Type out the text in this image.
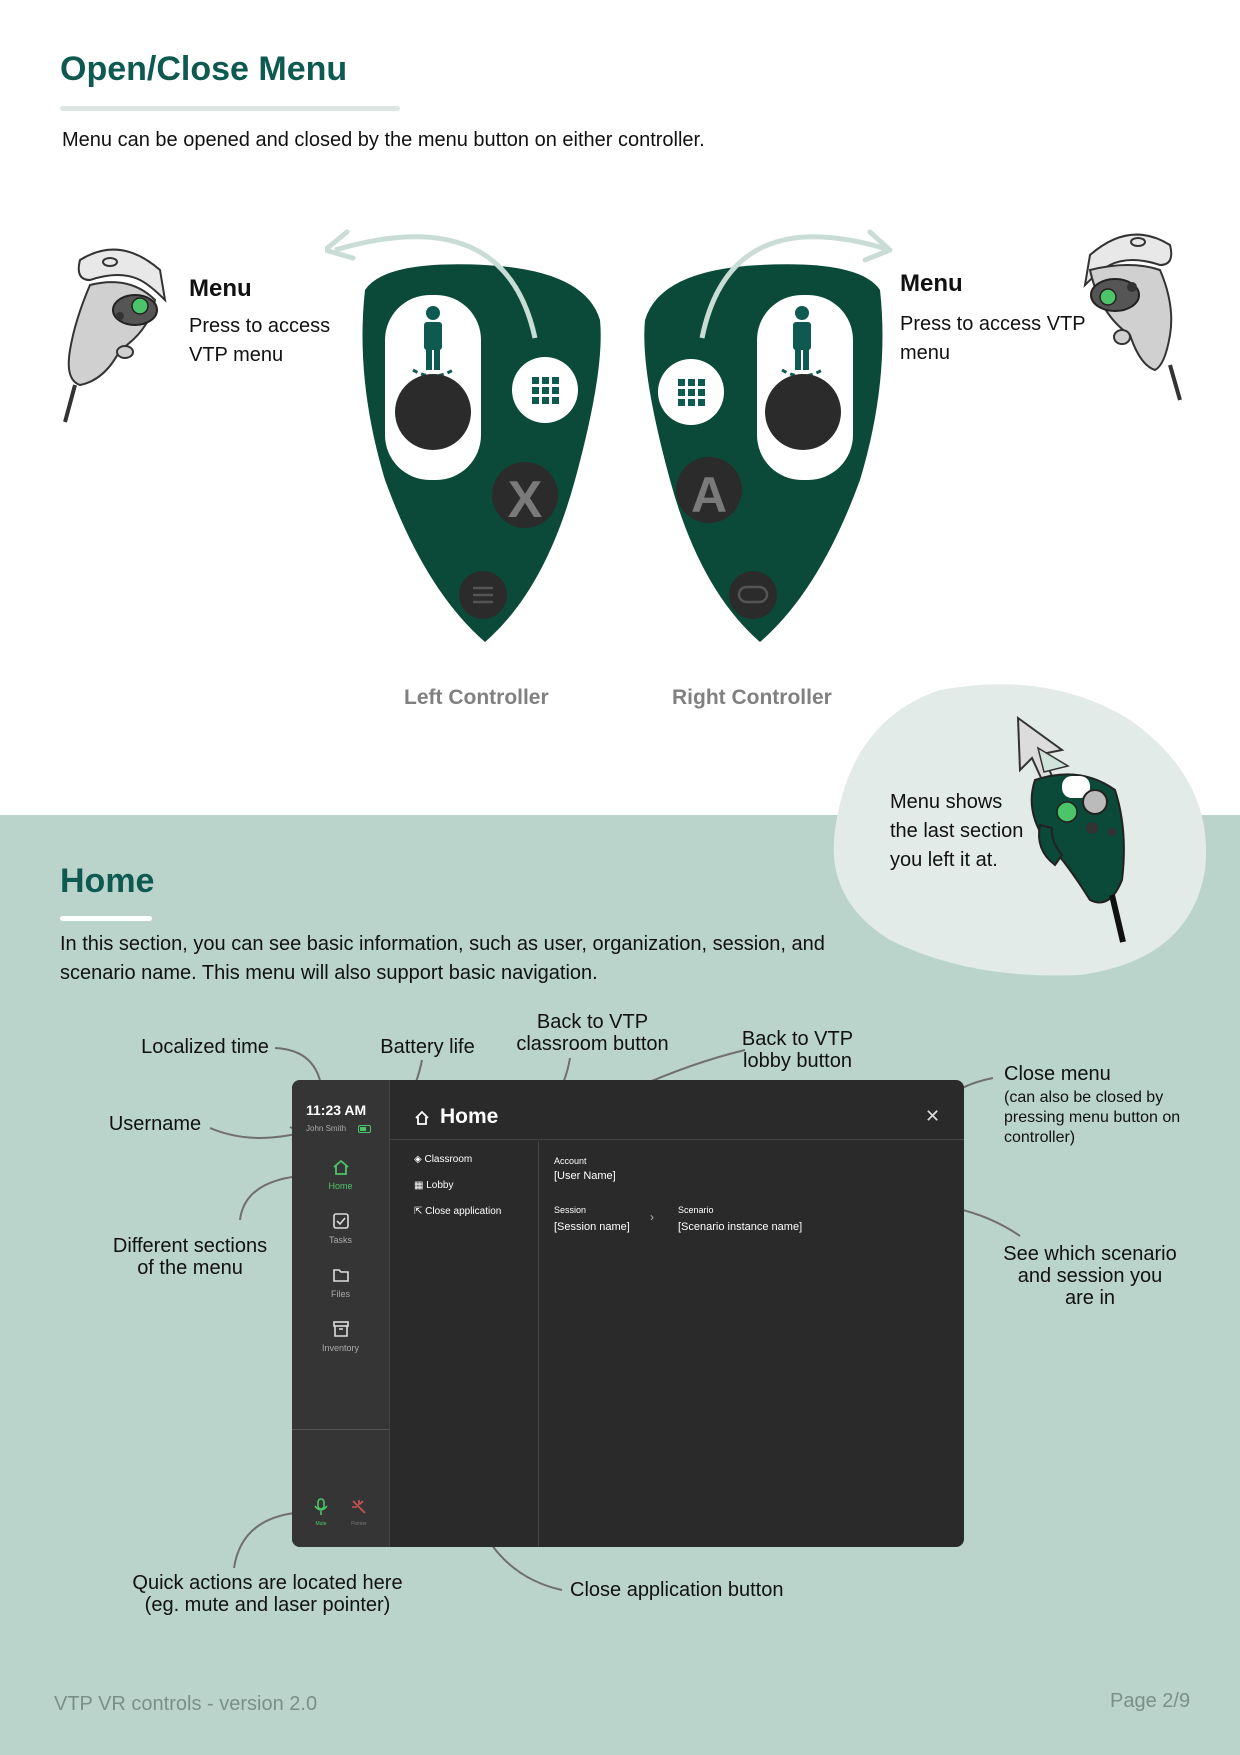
Open/Close Menu
Menu can be opened and closed by the menu button on either controller.
Menu
Press to access
VTP menu
X	A
Menu
Press to access VTP
menu
Left Controller	Right Controller
Menu shows
the last section
you left it at.
Home
In this section, you can see basic information, such as user, organization, session, and
scenario name. This menu will also support basic navigation.
Localized time	Battery life
Back to VTP
classroom button	Back to VTP
lobby button
Close menu
(can also be closed by
pressing menu button on
controller)
Username
Different sections
of the menu
See which scenario
and session you
are in
Quick actions are located here
(eg. mute and laser pointer)
Close application button
11:23 AM
John Smith
Home
Tasks
Files
Inventory
Mute	Pointer
Home	✕
◈ Classroom
▦ Lobby
⇱ Close application
Account
[User Name]
Session
[Session name]
›	Scenario
[Scenario instance name]
VTP VR controls - version 2.0	Page 2/9
